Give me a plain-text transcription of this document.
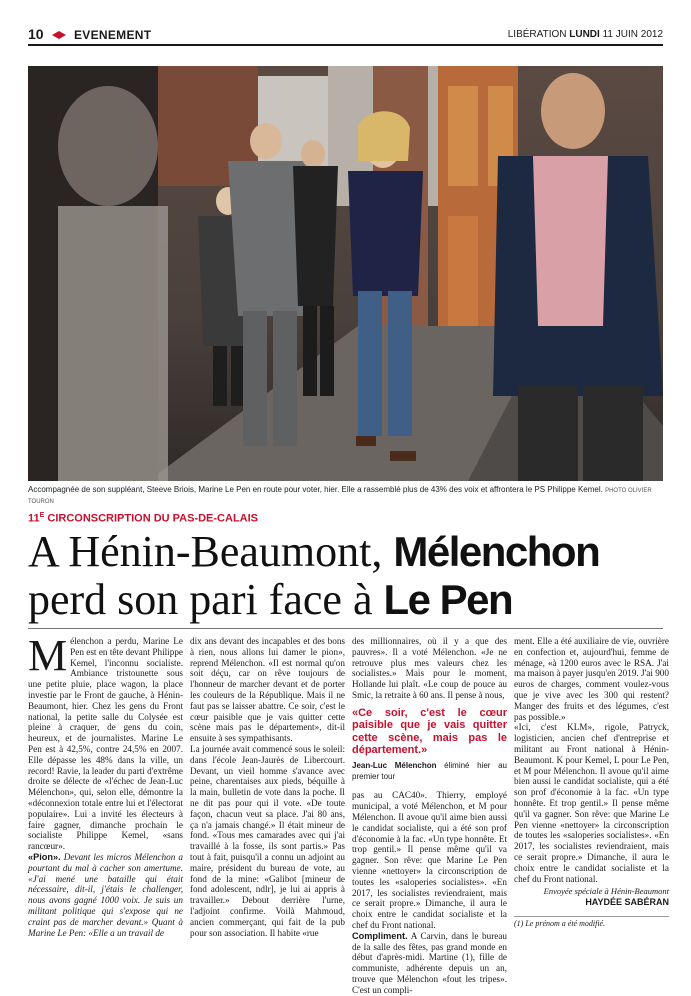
10	EVENEMENT	LIBÉRATION LUNDI 11 JUIN 2012
Accompagnée de son suppléant, Steeve Briois, Marine Le Pen en route pour voter, hier. Elle a rassemblé plus de 43% des voix et affrontera le PS Philippe Kemel. PHOTO OLIVIER TOURON
$11^E$ CIRCONSCRIPTION DU PAS-DE-CALAIS
A Hénin-Beaumont, Mélenchon
perd son pari face à Le Pen

Mélenchon a perdu, Marine Le Pen est en tête devant Philippe Kemel, l'inconnu socialiste. Ambiance tristounette sous une petite pluie, place wagon, la place investie par le Front de gauche, à Hénin-Beaumont, hier. Chez les gens du Front national, la petite salle du Colysée est pleine à craquer, de gens du coin, heureux, et de journalistes. Marine Le Pen est à 42,5%, contre 24,5% en 2007. Elle dépasse les 48% dans la ville, un record! Ravie, la leader du parti d'extrême droite se délecte de «l'échec de Jean-Luc Mélenchon», qui, selon elle, démontre la «déconnexion totale entre lui et l'électorat populaire». Lui a invité les électeurs à faire gagner, dimanche prochain le socialiste Philippe Kemel, «sans rancœur».

«Pion». Devant les micros Mélenchon a pourtant du mal à cacher son amertume. «J'ai mené une bataille qui était nécessaire, dit-il, j'étais le challenger, nous avons gagné 1000 voix. Je suis un militant politique qui s'expose qui ne craint pas de marcher devant.» Quant à Marine Le Pen: «Elle a un travail de

dix ans devant des incapables et des bons à rien, nous allons lui damer le pion», reprend Mélenchon. «Il est normal qu'on soit déçu, car on rêve toujours de l'honneur de marcher devant et de porter les couleurs de la République. Mais il ne faut pas se laisser abattre. Ce soir, c'est le cœur paisible que je vais quitter cette scène mais pas le département», dit-il ensuite à ses sympathisants.

La journée avait commencé sous le soleil: dans l'école Jean-Jaurès de Libercourt. Devant, un vieil homme s'avance avec peine, charentaises aux pieds, béquille à la main, bulletin de vote dans la poche. Il ne dit pas pour qui il vote. «De toute façon, chacun veut sa place. J'ai 80 ans, ça n'a jamais changé.» Il était mineur de fond. «Tous mes camarades avec qui j'ai travaillé à la fosse, ils sont partis.» Pas tout à fait, puisqu'il a connu un adjoint au maire, président du bureau de vote, au fond de la mine: «Galibot [mineur de fond adolescent, ndlr], je lui ai appris à travailler.» Debout derrière l'urne, l'adjoint confirme. Voilà Mahmoud, ancien commerçant, qui fait de la pub pour son association. Il habite «rue

des millionnaires, où il y a que des pauvres». Il a voté Mélenchon. «Je ne retrouve plus mes valeurs chez les socialistes.» Mais pour le moment, Hollande lui plaît. «Le coup de pouce au Smic, la retraite à 60 ans. Il pense à nous,

«Ce soir, c'est le cœur paisible que je vais quitter cette scène, mais pas le département.»
Jean-Luc Mélenchon éliminé hier au premier tour

pas au CAC40». Thierry, employé municipal, a voté Mélenchon, et M pour Mélenchon. Il avoue qu'il aime bien aussi le candidat socialiste, qui a été son prof d'économie à la fac. «Un type honnête. Et trop gentil.» Il pense même qu'il va gagner. Son rêve: que Marine Le Pen vienne «nettoyer» la circonscription de toutes les «saloperies socialistes». «En 2017, les socialistes reviendraient, mais ce serait propre.» Dimanche, il aura le choix entre le candidat socialiste et la chef du Front national.

Compliment. A Carvin, dans le bureau de la salle des fêtes, pas grand monde en début d'après-midi. Martine (1), fille de communiste, adhérente depuis un an, trouve que Mélenchon «fout les tripes». C'est un compli-

ment. Elle a été auxiliaire de vie, ouvrière en confection et, aujourd'hui, femme de ménage, «à 1200 euros avec le RSA. J'ai ma maison à payer jusqu'en 2019. J'ai 900 euros de charges, comment voulez-vous que je vive avec les 300 qui restent? Manger des fruits et des légumes, c'est pas possible.»

«Ici, c'est KLM», rigole, Patryck, logisticien, ancien chef d'entreprise et militant au Front national à Hénin-Beaumont. K pour Kemel, L pour Le Pen, et M pour Mélenchon. Il avoue qu'il aime bien aussi le candidat socialiste, qui a été son prof d'économie à la fac. «Un type honnête. Et trop gentil.» Il pense même qu'il va gagner. Son rêve: que Marine Le Pen vienne «nettoyer» la circonscription de toutes les «saloperies socialistes». «En 2017, les socialistes reviendraient, mais ce serait propre.» Dimanche, il aura le choix entre le candidat socialiste et la chef du Front national.

Envoyée spéciale à Hénin-Beaumont
HAYDÉE SABÉRAN
(1) Le prénom a été modifié.
